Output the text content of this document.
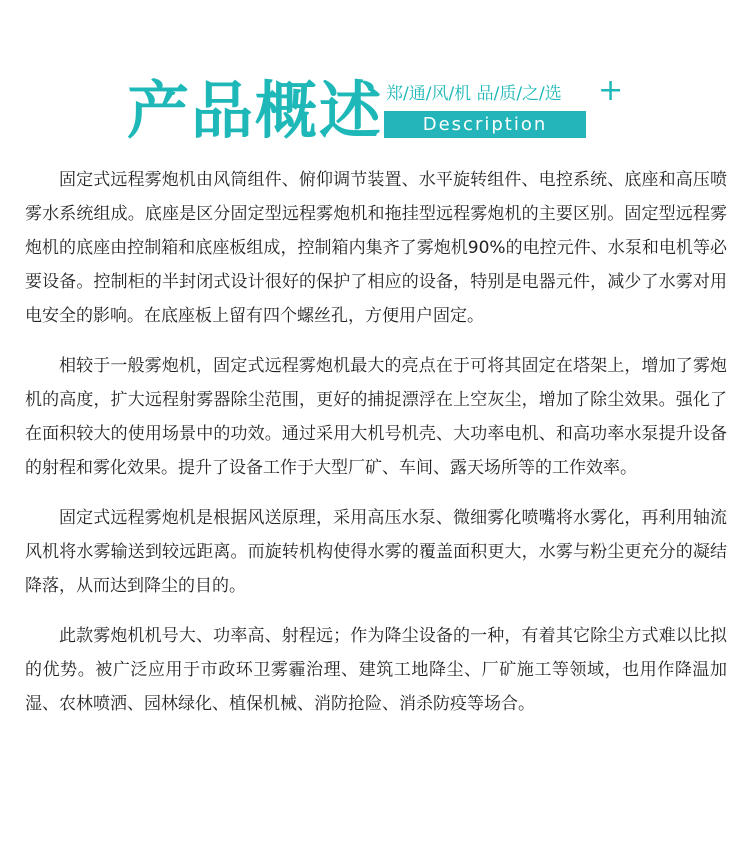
产品概述 郑/通/风/机 品/质/之/选 +
Description

固定式远程雾炮机由风筒组件、俯仰调节装置、水平旋转组件、电控系统、底座和高压喷雾水系统组成。底座是区分固定型远程雾炮机和拖挂型远程雾炮机的主要区别。固定型远程雾炮机的底座由控制箱和底座板组成，控制箱内集齐了雾炮机90%的电控元件、水泵和电机等必要设备。控制柜的半封闭式设计很好的保护了相应的设备，特别是电器元件，减少了水雾对用电安全的影响。在底座板上留有四个螺丝孔，方便用户固定。

相较于一般雾炮机，固定式远程雾炮机最大的亮点在于可将其固定在塔架上，增加了雾炮机的高度，扩大远程射雾器除尘范围，更好的捕捉漂浮在上空灰尘，增加了除尘效果。强化了在面积较大的使用场景中的功效。通过采用大机号机壳、大功率电机、和高功率水泵提升设备的射程和雾化效果。提升了设备工作于大型厂矿、车间、露天场所等的工作效率。

固定式远程雾炮机是根据风送原理，采用高压水泵、微细雾化喷嘴将水雾化，再利用轴流风机将水雾输送到较远距离。而旋转机构使得水雾的覆盖面积更大，水雾与粉尘更充分的凝结降落，从而达到降尘的目的。

此款雾炮机机号大、功率高、射程远；作为降尘设备的一种，有着其它除尘方式难以比拟的优势。被广泛应用于市政环卫雾霾治理、建筑工地降尘、厂矿施工等领域，也用作降温加湿、农林喷洒、园林绿化、植保机械、消防抢险、消杀防疫等场合。
